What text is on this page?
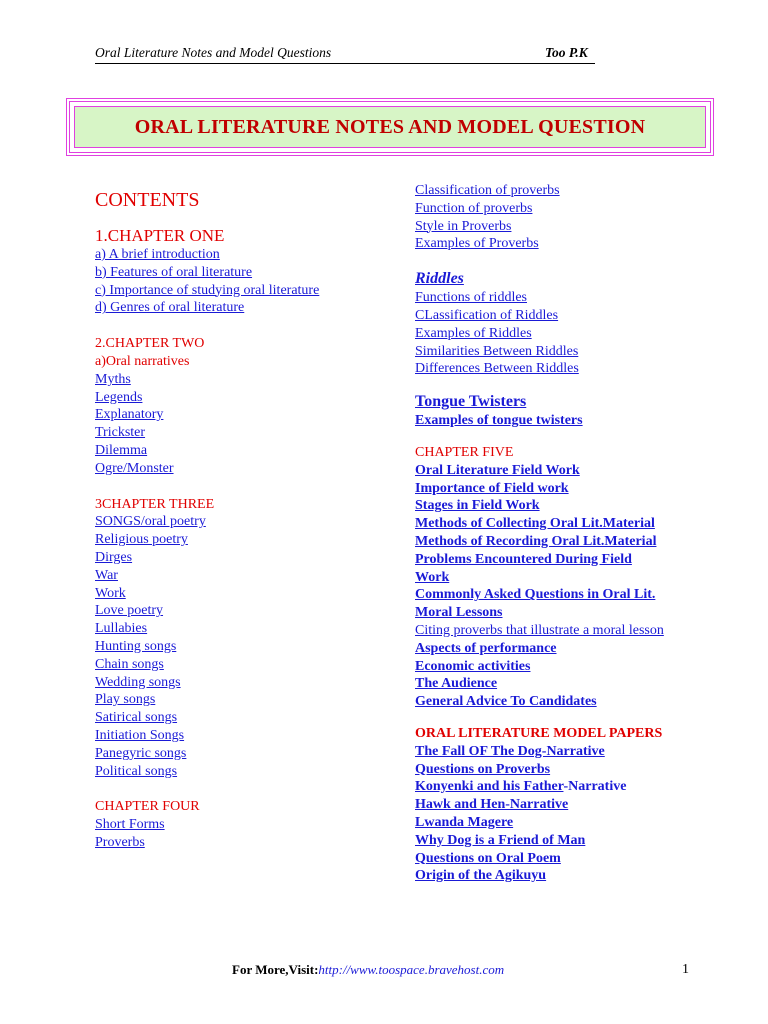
Oral Literature Notes and Model Questions	Too P.K
ORAL LITERATURE NOTES AND MODEL QUESTION
CONTENTS
1.CHAPTER ONE
a) A brief introduction
b) Features of oral literature
c) Importance of studying oral literature
d) Genres of oral literature
2.CHAPTER TWO
a)Oral narratives
Myths
Legends
Explanatory
Trickster
Dilemma
Ogre/Monster
3CHAPTER THREE
SONGS/oral poetry
Religious poetry
Dirges
War
Work
Love poetry
Lullabies
Hunting songs
Chain songs
Wedding songs
Play songs
Satirical songs
Initiation Songs
Panegyric songs
Political songs
CHAPTER FOUR
Short Forms
Proverbs
Classification of proverbs
Function of proverbs
Style in Proverbs
Examples of Proverbs
Riddles
Functions of riddles
CLassification of Riddles
Examples of Riddles
Similarities Between Riddles
Differences Between Riddles
Tongue Twisters
Examples of tongue twisters
CHAPTER FIVE
Oral Literature Field Work
Importance of Field work
Stages in Field Work
Methods of Collecting Oral Lit.Material
Methods of Recording Oral Lit.Material
Problems Encountered During Field
Work
Commonly Asked Questions in Oral Lit.
Moral Lessons
Citing proverbs that illustrate a moral lesson
Aspects of performance
Economic activities
The Audience
General Advice To Candidates
ORAL LITERATURE MODEL PAPERS
The Fall OF The Dog-Narrative
Questions on Proverbs
Konyenki and his Father-Narrative
Hawk and Hen-Narrative
Lwanda Magere
Why Dog is a Friend of Man
Questions on Oral Poem
Origin of the Agikuyu
For More,Visit:http://www.toospace.bravehost.com	1
